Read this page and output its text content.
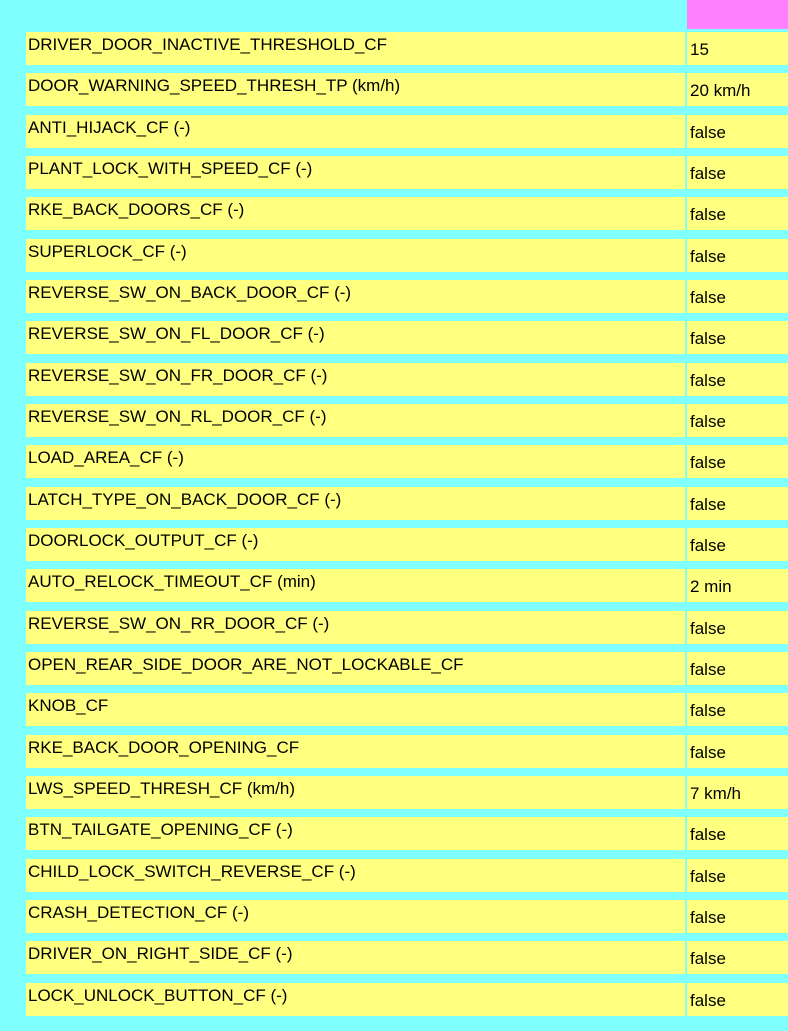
DRIVER_DOOR_INACTIVE_THRESHOLD_CF	15
DOOR_WARNING_SPEED_THRESH_TP (km/h)	20 km/h
ANTI_HIJACK_CF (-)	false
PLANT_LOCK_WITH_SPEED_CF (-)	false
RKE_BACK_DOORS_CF (-)	false
SUPERLOCK_CF (-)	false
REVERSE_SW_ON_BACK_DOOR_CF (-)	false
REVERSE_SW_ON_FL_DOOR_CF (-)	false
REVERSE_SW_ON_FR_DOOR_CF (-)	false
REVERSE_SW_ON_RL_DOOR_CF (-)	false
LOAD_AREA_CF (-)	false
LATCH_TYPE_ON_BACK_DOOR_CF (-)	false
DOORLOCK_OUTPUT_CF (-)	false
AUTO_RELOCK_TIMEOUT_CF (min)	2 min
REVERSE_SW_ON_RR_DOOR_CF (-)	false
OPEN_REAR_SIDE_DOOR_ARE_NOT_LOCKABLE_CF	false
KNOB_CF	false
RKE_BACK_DOOR_OPENING_CF	false
LWS_SPEED_THRESH_CF (km/h)	7 km/h
BTN_TAILGATE_OPENING_CF (-)	false
CHILD_LOCK_SWITCH_REVERSE_CF (-)	false
CRASH_DETECTION_CF (-)	false
DRIVER_ON_RIGHT_SIDE_CF (-)	false
LOCK_UNLOCK_BUTTON_CF (-)	false
